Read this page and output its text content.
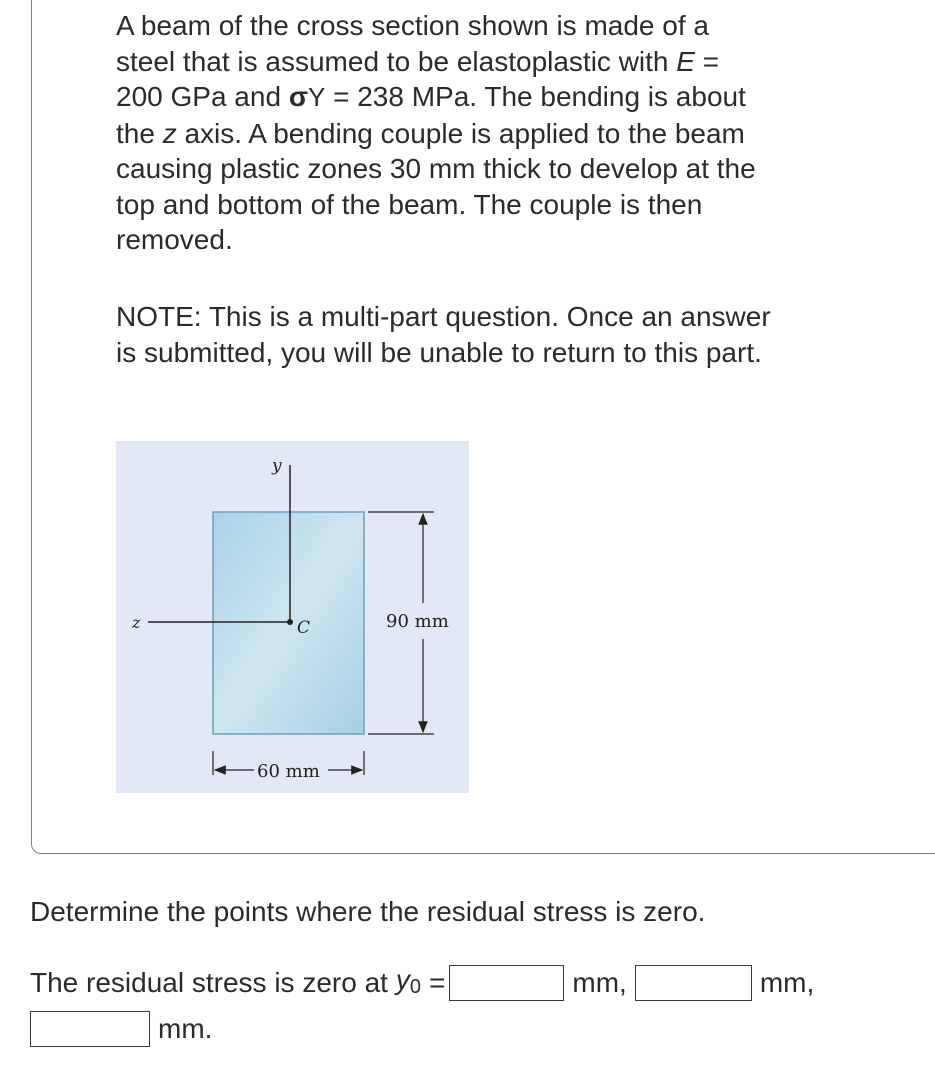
A beam of the cross section shown is made of a
steel that is assumed to be elastoplastic with E =
200 GPa and σY = 238 MPa. The bending is about
the z axis. A bending couple is applied to the beam
causing plastic zones 30 mm thick to develop at the
top and bottom of the beam. The couple is then
removed.
NOTE: This is a multi-part question. Once an answer
is submitted, you will be unable to return to this part.
y
z	C	90 mm
60 mm

Determine the points where the residual stress is zero.

The residual stress is zero at $y_0$ =	mm,	mm,
mm.
